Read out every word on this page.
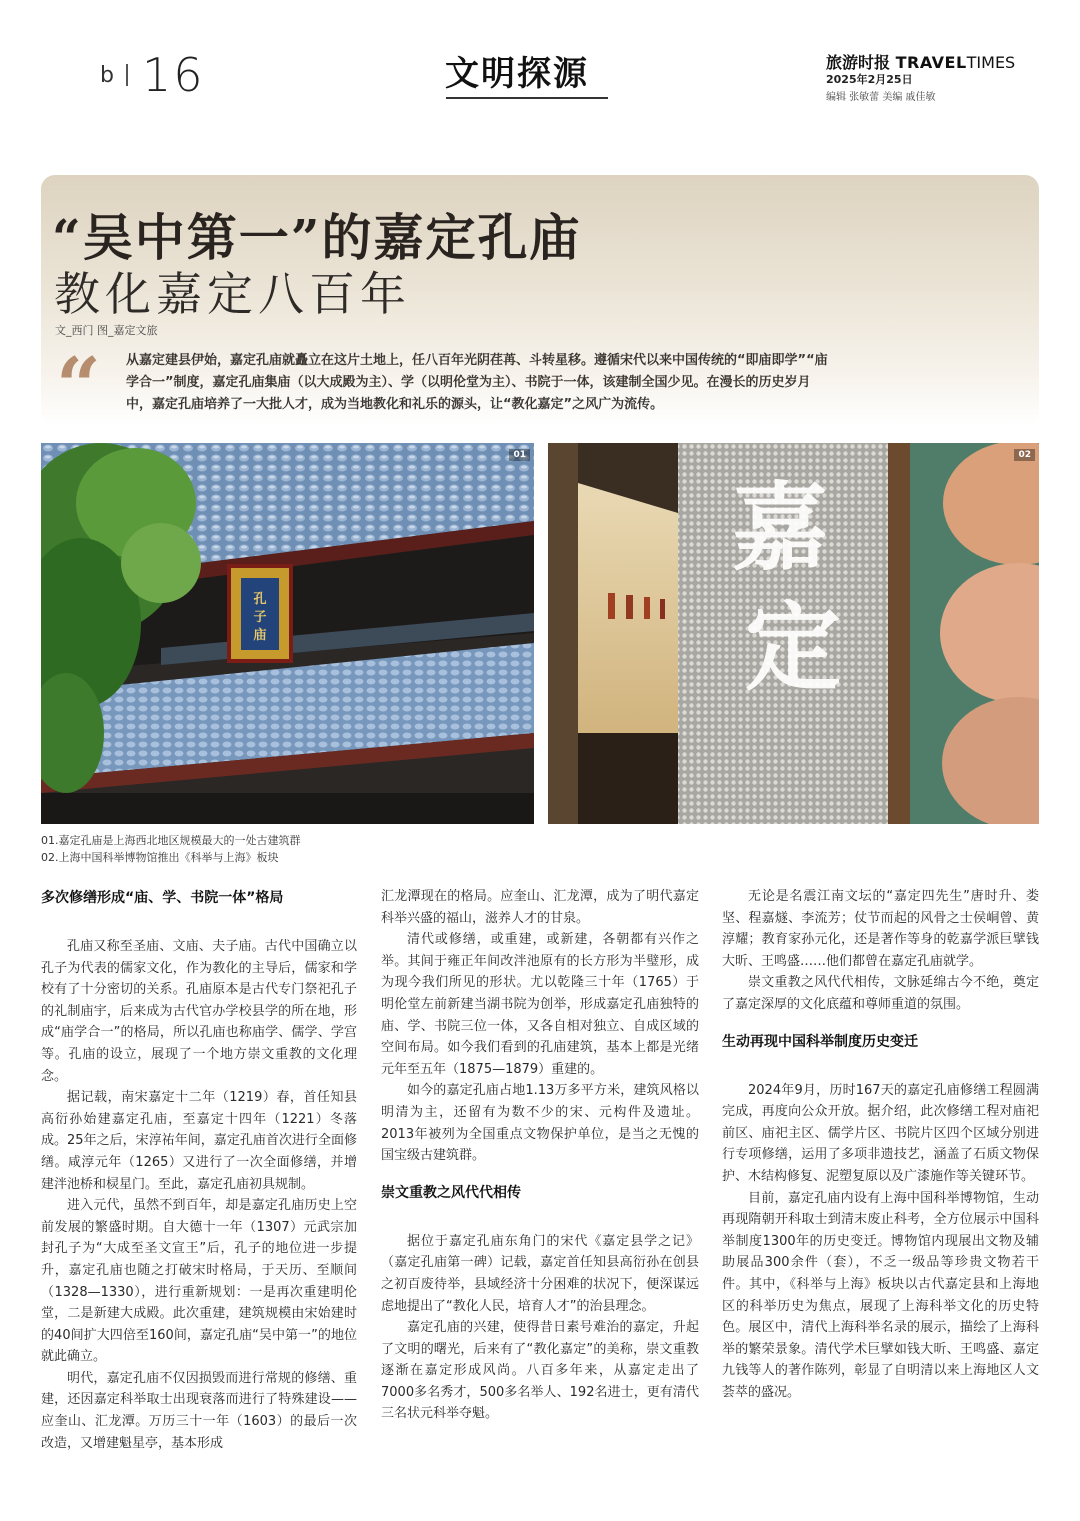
b 16	文明探源	旅游时报 TRAVELTIMES
2025年2月25日
编辑 张敏蕾 美编 戚佳敏
“吴中第一”的嘉定孔庙
教化嘉定八百年
文_西门 图_嘉定文旅
“ 从嘉定建县伊始，嘉定孔庙就矗立在这片土地上，任八百年光阴荏苒、斗转星移。遵循宋代以来中国传统的“即庙即学”“庙学合一”制度，嘉定孔庙集庙（以大成殿为主）、学（以明伦堂为主）、书院于一体，该建制全国少见。在漫长的历史岁月中，嘉定孔庙培养了一大批人才，成为当地教化和礼乐的源头，让“教化嘉定”之风广为流传。
孔
子
庙
01
嘉
定
02
01.嘉定孔庙是上海西北地区规模最大的一处古建筑群
02.上海中国科举博物馆推出《科举与上海》板块
多次修缮形成“庙、学、书院一体”格局

孔庙又称至圣庙、文庙、夫子庙。古代中国确立以孔子为代表的儒家文化，作为教化的主导后，儒家和学校有了十分密切的关系。孔庙原本是古代专门祭祀孔子的礼制庙宇，后来成为古代官办学校县学的所在地，形成“庙学合一”的格局，所以孔庙也称庙学、儒学、学宫等。孔庙的设立，展现了一个地方崇文重教的文化理念。

据记载，南宋嘉定十二年（1219）春，首任知县高衍孙始建嘉定孔庙，至嘉定十四年（1221）冬落成。25年之后，宋淳祐年间，嘉定孔庙首次进行全面修缮。咸淳元年（1265）又进行了一次全面修缮，并增建泮池桥和棂星门。至此，嘉定孔庙初具规制。

进入元代，虽然不到百年，却是嘉定孔庙历史上空前发展的繁盛时期。自大德十一年（1307）元武宗加封孔子为“大成至圣文宣王”后，孔子的地位进一步提升，嘉定孔庙也随之打破宋时格局，于天历、至顺间（1328—1330），进行重新规划：一是再次重建明伦堂，二是新建大成殿。此次重建，建筑规模由宋始建时的40间扩大四倍至160间，嘉定孔庙“吴中第一”的地位就此确立。

明代，嘉定孔庙不仅因损毁而进行常规的修缮、重建，还因嘉定科举取士出现衰落而进行了特殊建设——应奎山、汇龙潭。万历三十一年（1603）的最后一次改造，又增建魁星亭，基本形成

汇龙潭现在的格局。应奎山、汇龙潭，成为了明代嘉定科举兴盛的福山，滋养人才的甘泉。

清代或修缮，或重建，或新建，各朝都有兴作之举。其间于雍正年间改泮池原有的长方形为半璧形，成为现今我们所见的形状。尤以乾隆三十年（1765）于明伦堂左前新建当湖书院为创举，形成嘉定孔庙独特的庙、学、书院三位一体，又各自相对独立、自成区域的空间布局。如今我们看到的孔庙建筑，基本上都是光绪元年至五年（1875—1879）重建的。

如今的嘉定孔庙占地1.13万多平方米，建筑风格以明清为主，还留有为数不少的宋、元构件及遗址。2013年被列为全国重点文物保护单位，是当之无愧的国宝级古建筑群。

崇文重教之风代代相传

据位于嘉定孔庙东角门的宋代《嘉定县学之记》（嘉定孔庙第一碑）记载，嘉定首任知县高衍孙在创县之初百废待举，县域经济十分困难的状况下，便深谋远虑地提出了“教化人民，培育人才”的治县理念。

嘉定孔庙的兴建，使得昔日素号难治的嘉定，升起了文明的曙光，后来有了“教化嘉定”的美称，崇文重教逐渐在嘉定形成风尚。八百多年来，从嘉定走出了7000多名秀才，500多名举人、192名进士，更有清代三名状元科举夺魁。

无论是名震江南文坛的“嘉定四先生”唐时升、娄坚、程嘉燧、李流芳；仗节而起的风骨之士侯峒曾、黄淳耀；教育家孙元化，还是著作等身的乾嘉学派巨擘钱大昕、王鸣盛……他们都曾在嘉定孔庙就学。

崇文重教之风代代相传，文脉延绵古今不绝，奠定了嘉定深厚的文化底蕴和尊师重道的氛围。

生动再现中国科举制度历史变迁

2024年9月，历时167天的嘉定孔庙修缮工程圆满完成，再度向公众开放。据介绍，此次修缮工程对庙祀前区、庙祀主区、儒学片区、书院片区四个区域分别进行专项修缮，运用了多项非遗技艺，涵盖了石质文物保护、木结构修复、泥塑复原以及广漆施作等关键环节。

目前，嘉定孔庙内设有上海中国科举博物馆，生动再现隋朝开科取士到清末废止科考，全方位展示中国科举制度1300年的历史变迁。博物馆内现展出文物及辅助展品300余件（套），不乏一级品等珍贵文物若干件。其中，《科举与上海》板块以古代嘉定县和上海地区的科举历史为焦点，展现了上海科举文化的历史特色。展区中，清代上海科举名录的展示，描绘了上海科举的繁荣景象。清代学术巨擘如钱大昕、王鸣盛、嘉定九钱等人的著作陈列，彰显了自明清以来上海地区人文荟萃的盛况。
